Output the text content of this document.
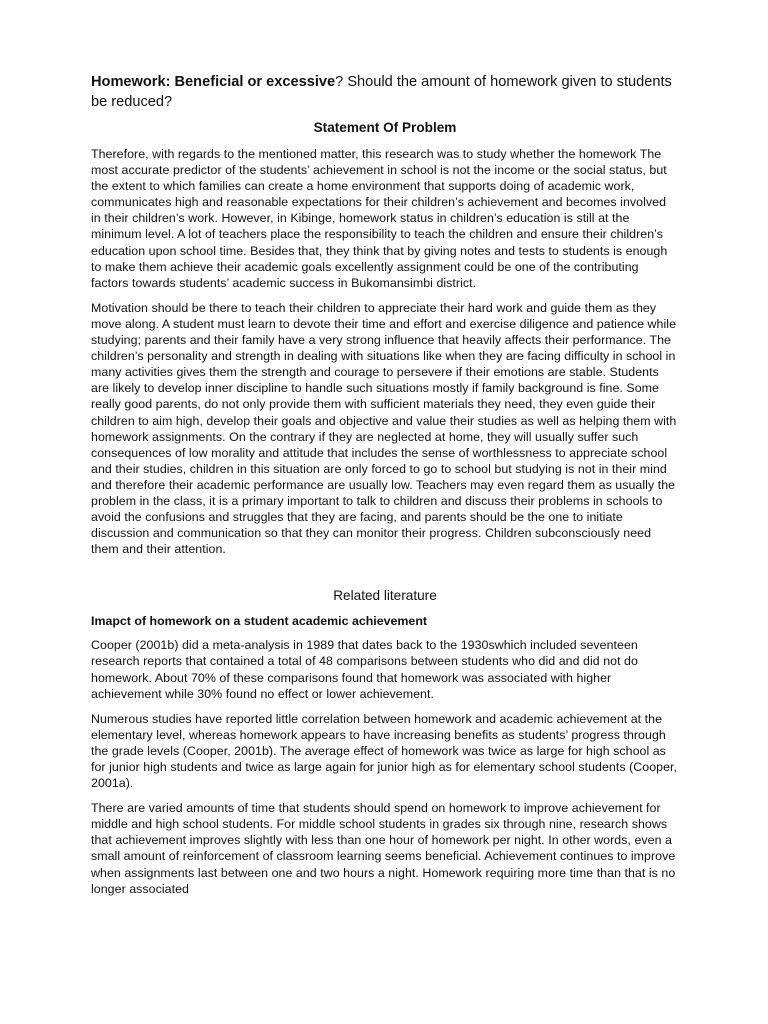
Homework: Beneficial or excessive? Should the amount of homework given to students be reduced?
Statement Of Problem

Therefore, with regards to the mentioned matter, this research was to study whether the homework The most accurate predictor of the students’ achievement in school is not the income or the social status, but the extent to which families can create a home environment that supports doing of academic work, communicates high and reasonable expectations for their children’s achievement and becomes involved in their children’s work. However, in Kibinge, homework status in children’s education is still at the minimum level. A lot of teachers place the responsibility to teach the children and ensure their children’s education upon school time. Besides that, they think that by giving notes and tests to students is enough to make them achieve their academic goals excellently assignment could be one of the contributing factors towards students’ academic success in Bukomansimbi district.

Motivation should be there to teach their children to appreciate their hard work and guide them as they move along. A student must learn to devote their time and effort and exercise diligence and patience while studying; parents and their family have a very strong influence that heavily affects their performance. The children’s personality and strength in dealing with situations like when they are facing difficulty in school in many activities gives them the strength and courage to persevere if their emotions are stable. Students are likely to develop inner discipline to handle such situations mostly if family background is fine. Some really good parents, do not only provide them with sufficient materials they need, they even guide their children to aim high, develop their goals and objective and value their studies as well as helping them with homework assignments. On the contrary if they are neglected at home, they will usually suffer such consequences of low morality and attitude that includes the sense of worthlessness to appreciate school and their studies, children in this situation are only forced to go to school but studying is not in their mind and therefore their academic performance are usually low. Teachers may even regard them as usually the problem in the class, it is a primary important to talk to children and discuss their problems in schools to avoid the confusions and struggles that they are facing, and parents should be the one to initiate discussion and communication so that they can monitor their progress. Children subconsciously need them and their attention.

Related literature
Imapct of homework on a student academic achievement

Cooper (2001b) did a meta-analysis in 1989 that dates back to the 1930swhich included seventeen research reports that contained a total of 48 comparisons between students who did and did not do homework. About 70% of these comparisons found that homework was associated with higher achievement while 30% found no effect or lower achievement.

Numerous studies have reported little correlation between homework and academic achievement at the elementary level, whereas homework appears to have increasing benefits as students’ progress through the grade levels (Cooper, 2001b). The average effect of homework was twice as large for high school as for junior high students and twice as large again for junior high as for elementary school students (Cooper, 2001a).

There are varied amounts of time that students should spend on homework to improve achievement for middle and high school students. For middle school students in grades six through nine, research shows that achievement improves slightly with less than one hour of homework per night. In other words, even a small amount of reinforcement of classroom learning seems beneficial. Achievement continues to improve when assignments last between one and two hours a night. Homework requiring more time than that is no longer associated
